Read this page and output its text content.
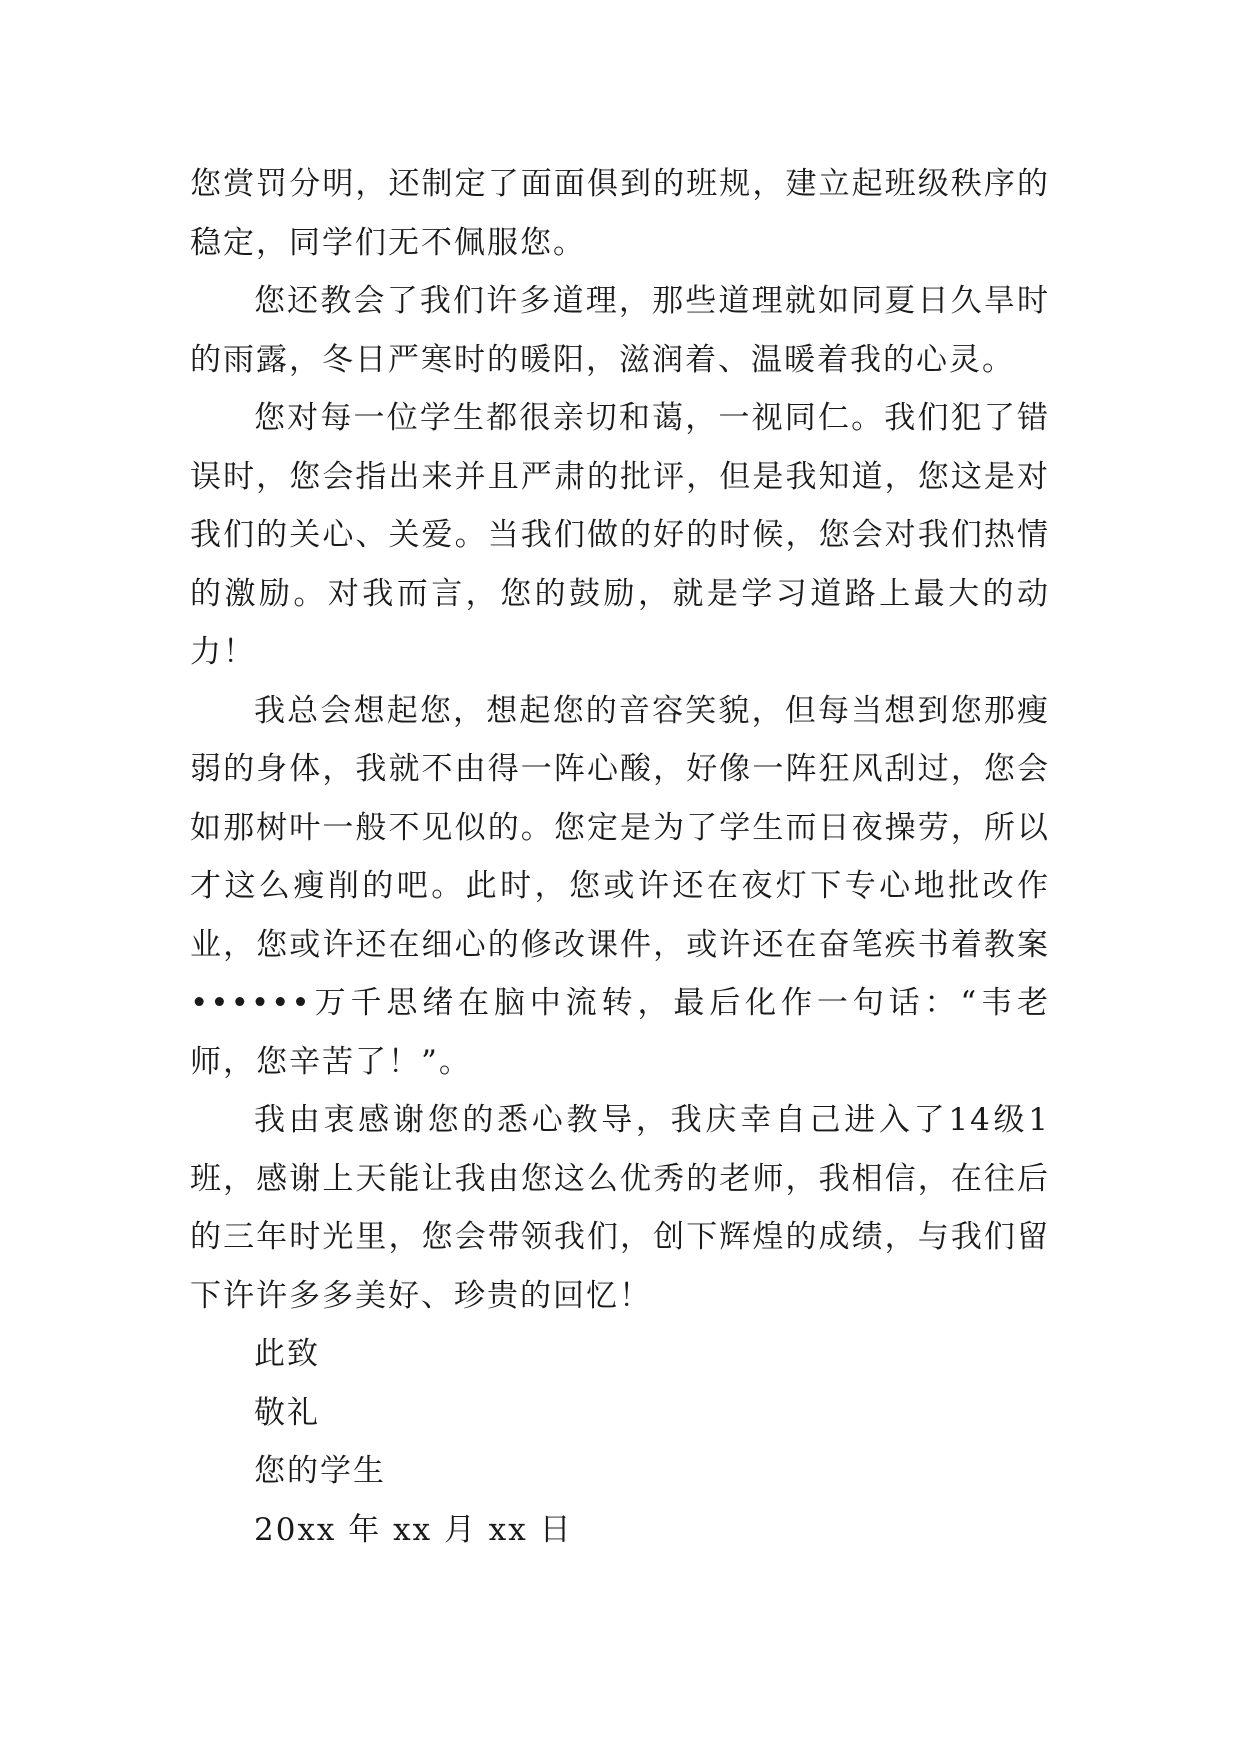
您赏罚分明，还制定了面面俱到的班规，建立起班级秩序的稳定，同学们无不佩服您。

您还教会了我们许多道理，那些道理就如同夏日久旱时的雨露，冬日严寒时的暖阳，滋润着、温暖着我的心灵。

您对每一位学生都很亲切和蔼，一视同仁。我们犯了错误时，您会指出来并且严肃的批评，但是我知道，您这是对我们的关心、关爱。当我们做的好的时候，您会对我们热情的激励。对我而言，您的鼓励，就是学习道路上最大的动力！

我总会想起您，想起您的音容笑貌，但每当想到您那瘦弱的身体，我就不由得一阵心酸，好像一阵狂风刮过，您会如那树叶一般不见似的。您定是为了学生而日夜操劳，所以才这么瘦削的吧。此时，您或许还在夜灯下专心地批改作业，您或许还在细心的修改课件，或许还在奋笔疾书着教案••••••万千思绪在脑中流转，最后化作一句话：“韦老师，您辛苦了！”。

我由衷感谢您的悉心教导，我庆幸自己进入了14级1班，感谢上天能让我由您这么优秀的老师，我相信，在往后的三年时光里，您会带领我们，创下辉煌的成绩，与我们留下许许多多美好、珍贵的回忆！

此致

敬礼

您的学生

20xx 年 xx 月 xx 日
